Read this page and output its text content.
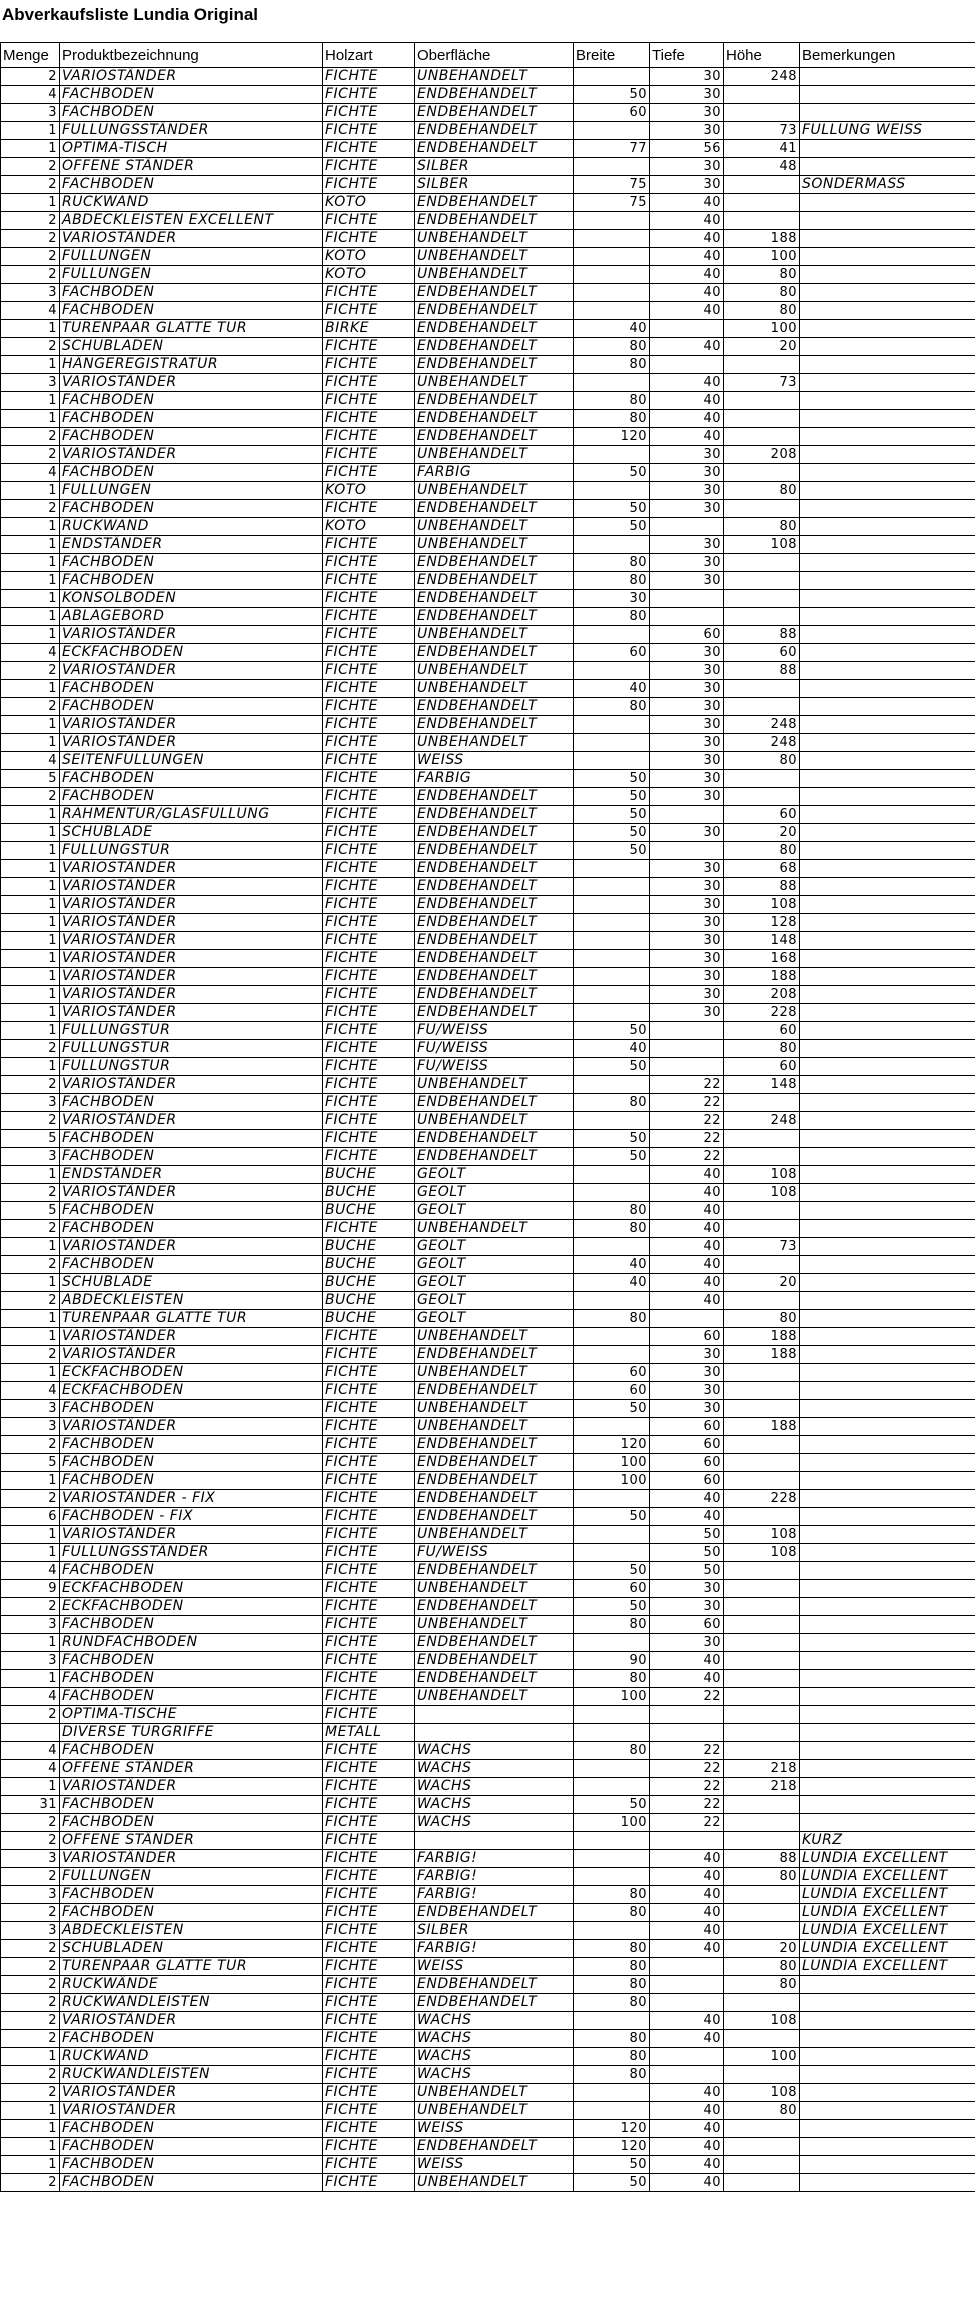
Abverkaufsliste Lundia Original
Menge	Produktbezeichnung	Holzart	Oberfläche	Breite	Tiefe	Höhe	Bemerkungen
2	VARIOSTÄNDER	FICHTE	UNBEHANDELT		30	248	
4	FACHBÖDEN	FICHTE	ENDBEHANDELT	50	30		
3	FACHBÖDEN	FICHTE	ENDBEHANDELT	60	30		
1	FÜLLUNGSSTÄNDER	FICHTE	ENDBEHANDELT		30	73	FÜLLUNG WEISS
1	OPTIMA-TISCH	FICHTE	ENDBEHANDELT	77	56	41	
2	OFFENE STÄNDER	FICHTE	SILBER		30	48	
2	FACHBÖDEN	FICHTE	SILBER	75	30		SONDERMASS
1	RÜCKWAND	KOTO	ENDBEHANDELT	75	40		
2	ABDECKLEISTEN EXCELLENT	FICHTE	ENDBEHANDELT		40		
2	VARIOSTÄNDER	FICHTE	UNBEHANDELT		40	188	
2	FÜLLUNGEN	KOTO	UNBEHANDELT		40	100	
2	FÜLLUNGEN	KOTO	UNBEHANDELT		40	80	
3	FACHBÖDEN	FICHTE	ENDBEHANDELT		40	80	
4	FACHBÖDEN	FICHTE	ENDBEHANDELT		40	80	
1	TÜRENPAAR GLATTE TÜR	BIRKE	ENDBEHANDELT	40		100	
2	SCHUBLADEN	FICHTE	ENDBEHANDELT	80	40	20	
1	HÄNGEREGISTRATUR	FICHTE	ENDBEHANDELT	80			
3	VARIOSTÄNDER	FICHTE	UNBEHANDELT		40	73	
1	FACHBODEN	FICHTE	ENDBEHANDELT	80	40		
1	FACHBODEN	FICHTE	ENDBEHANDELT	80	40		
2	FACHBÖDEN	FICHTE	ENDBEHANDELT	120	40		
2	VARIOSTÄNDER	FICHTE	UNBEHANDELT		30	208	
4	FACHBÖDEN	FICHTE	FARBIG	50	30		
1	FÜLLUNGEN	KOTO	UNBEHANDELT		30	80	
2	FACHBÖDEN	FICHTE	ENDBEHANDELT	50	30		
1	RÜCKWAND	KOTO	UNBEHANDELT	50		80	
1	ENDSTÄNDER	FICHTE	UNBEHANDELT		30	108	
1	FACHBODEN	FICHTE	ENDBEHANDELT	80	30		
1	FACHBODEN	FICHTE	ENDBEHANDELT	80	30		
1	KONSOLBODEN	FICHTE	ENDBEHANDELT	30			
1	ABLAGEBORD	FICHTE	ENDBEHANDELT	80			
1	VARIOSTÄNDER	FICHTE	UNBEHANDELT		60	88	
4	ECKFACHBODEN	FICHTE	ENDBEHANDELT	60	30	60	
2	VARIOSTÄNDER	FICHTE	UNBEHANDELT		30	88	
1	FACHBODEN	FICHTE	UNBEHANDELT	40	30		
2	FACHBÖDEN	FICHTE	ENDBEHANDELT	80	30		
1	VARIOSTÄNDER	FICHTE	ENDBEHANDELT		30	248	
1	VARIOSTÄNDER	FICHTE	UNBEHANDELT		30	248	
4	SEITENFÜLLUNGEN	FICHTE	WEISS		30	80	
5	FACHBÖDEN	FICHTE	FARBIG	50	30		
2	FACHBÖDEN	FICHTE	ENDBEHANDELT	50	30		
1	RAHMENTÜR/GLASFÜLLUNG	FICHTE	ENDBEHANDELT	50		60	
1	SCHUBLADE	FICHTE	ENDBEHANDELT	50	30	20	
1	FÜLLUNGSTÜR	FICHTE	ENDBEHANDELT	50		80	
1	VARIOSTÄNDER	FICHTE	ENDBEHANDELT		30	68	
1	VARIOSTÄNDER	FICHTE	ENDBEHANDELT		30	88	
1	VARIOSTÄNDER	FICHTE	ENDBEHANDELT		30	108	
1	VARIOSTÄNDER	FICHTE	ENDBEHANDELT		30	128	
1	VARIOSTÄNDER	FICHTE	ENDBEHANDELT		30	148	
1	VARIOSTÄNDER	FICHTE	ENDBEHANDELT		30	168	
1	VARIOSTÄNDER	FICHTE	ENDBEHANDELT		30	188	
1	VARIOSTÄNDER	FICHTE	ENDBEHANDELT		30	208	
1	VARIOSTÄNDER	FICHTE	ENDBEHANDELT		30	228	
1	FÜLLUNGSTÜR	FICHTE	FÜ/WEISS	50		60	
2	FÜLLUNGSTÜR	FICHTE	FÜ/WEISS	40		80	
1	FÜLLUNGSTÜR	FICHTE	FÜ/WEISS	50		60	
2	VARIOSTÄNDER	FICHTE	UNBEHANDELT		22	148	
3	FACHBÖDEN	FICHTE	ENDBEHANDELT	80	22		
2	VARIOSTÄNDER	FICHTE	UNBEHANDELT		22	248	
5	FACHBÖDEN	FICHTE	ENDBEHANDELT	50	22		
3	FACHBÖDEN	FICHTE	ENDBEHANDELT	50	22		
1	ENDSTÄNDER	BUCHE	GEÖLT		40	108	
2	VARIOSTÄNDER	BUCHE	GEÖLT		40	108	
5	FACHBÖDEN	BUCHE	GEÖLT	80	40		
2	FACHBÖDEN	FICHTE	UNBEHANDELT	80	40		
1	VARIOSTÄNDER	BUCHE	GEÖLT		40	73	
2	FACHBÖDEN	BUCHE	GEÖLT	40	40		
1	SCHUBLADE	BUCHE	GEÖLT	40	40	20	
2	ABDECKLEISTEN	BUCHE	GEÖLT		40		
1	TÜRENPAAR GLATTE TÜR	BUCHE	GEÖLT	80		80	
1	VARIOSTÄNDER	FICHTE	UNBEHANDELT		60	188	
2	VARIOSTÄNDER	FICHTE	ENDBEHANDELT		30	188	
1	ECKFACHBÖDEN	FICHTE	UNBEHANDELT	60	30		
4	ECKFACHBODEN	FICHTE	ENDBEHANDELT	60	30		
3	FACHBÖDEN	FICHTE	UNBEHANDELT	50	30		
3	VARIOSTÄNDER	FICHTE	UNBEHANDELT		60	188	
2	FACHBÖDEN	FICHTE	ENDBEHANDELT	120	60		
5	FACHBÖDEN	FICHTE	ENDBEHANDELT	100	60		
1	FACHBODEN	FICHTE	ENDBEHANDELT	100	60		
2	VARIOSTÄNDER - FIX	FICHTE	ENDBEHANDELT		40	228	
6	FACHBODEN - FIX	FICHTE	ENDBEHANDELT	50	40		
1	VARIOSTÄNDER	FICHTE	UNBEHANDELT		50	108	
1	FÜLLUNGSSTÄNDER	FICHTE	FÜ/WEISS		50	108	
4	FACHBÖDEN	FICHTE	ENDBEHANDELT	50	50		
9	ECKFACHBÖDEN	FICHTE	UNBEHANDELT	60	30		
2	ECKFACHBÖDEN	FICHTE	ENDBEHANDELT	50	30		
3	FACHBÖDEN	FICHTE	UNBEHANDELT	80	60		
1	RUNDFACHBODEN	FICHTE	ENDBEHANDELT		30		
3	FACHBÖDEN	FICHTE	ENDBEHANDELT	90	40		
1	FACHBODEN	FICHTE	ENDBEHANDELT	80	40		
4	FACHBÖDEN	FICHTE	UNBEHANDELT	100	22		
2	OPTIMA-TISCHE	FICHTE					
	DIVERSE TÜRGRIFFE	METALL					
4	FACHBÖDEN	FICHTE	WACHS	80	22		
4	OFFENE STÄNDER	FICHTE	WACHS		22	218	
1	VARIOSTÄNDER	FICHTE	WACHS		22	218	
31	FACHBÖDEN	FICHTE	WACHS	50	22		
2	FACHBODEN	FICHTE	WACHS	100	22		
2	OFFENE STÄNDER	FICHTE					KURZ
3	VARIOSTÄNDER	FICHTE	FARBIG!		40	88	LUNDIA EXCELLENT
2	FÜLLUNGEN	FICHTE	FARBIG!		40	80	LUNDIA EXCELLENT
3	FACHBÖDEN	FICHTE	FARBIG!	80	40		LUNDIA EXCELLENT
2	FACHBÖDEN	FICHTE	ENDBEHANDELT	80	40		LUNDIA EXCELLENT
3	ABDECKLEISTEN	FICHTE	SILBER		40		LUNDIA EXCELLENT
2	SCHUBLADEN	FICHTE	FARBIG!	80	40	20	LUNDIA EXCELLENT
2	TÜRENPAAR GLATTE TÜR	FICHTE	WEISS	80		80	LUNDIA EXCELLENT
2	RÜCKWÄNDE	FICHTE	ENDBEHANDELT	80		80	
2	RÜCKWANDLEISTEN	FICHTE	ENDBEHANDELT	80			
2	VARIOSTÄNDER	FICHTE	WACHS		40	108	
2	FACHBÖDEN	FICHTE	WACHS	80	40		
1	RÜCKWAND	FICHTE	WACHS	80		100	
2	RÜCKWANDLEISTEN	FICHTE	WACHS	80			
2	VARIOSTÄNDER	FICHTE	UNBEHANDELT		40	108	
1	VARIOSTÄNDER	FICHTE	UNBEHANDELT		40	80	
1	FACHBÖDEN	FICHTE	WEISS	120	40		
1	FACHBÖDEN	FICHTE	ENDBEHANDELT	120	40		
1	FACHBÖDEN	FICHTE	WEISS	50	40		
2	FACHBÖDEN	FICHTE	UNBEHANDELT	50	40		
